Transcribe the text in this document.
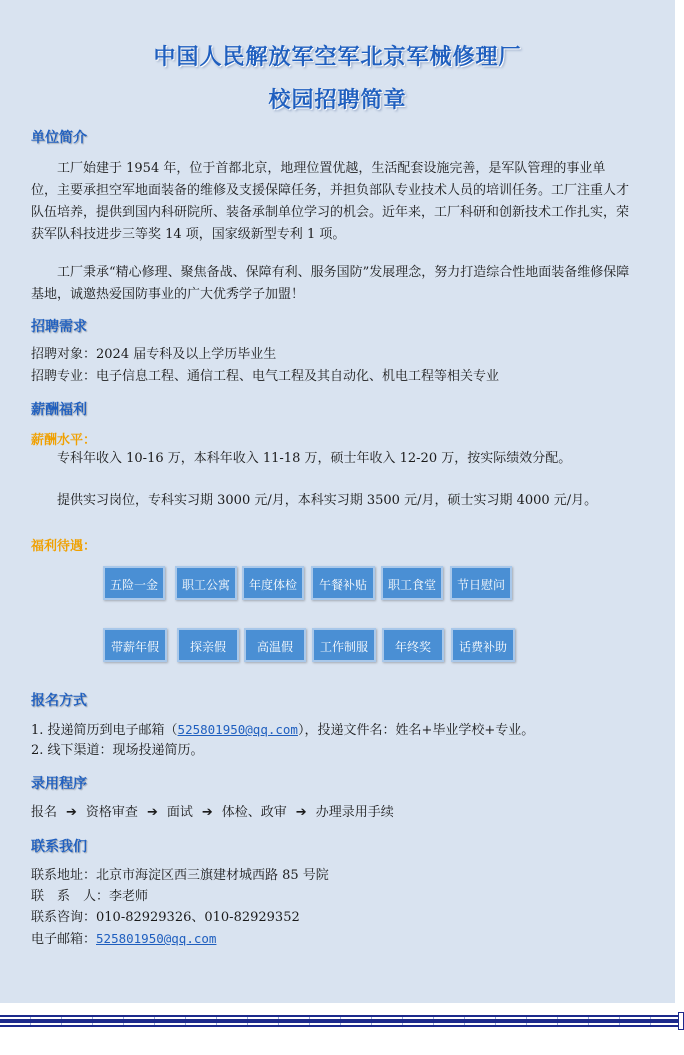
中国人民解放军空军北京军械修理厂
校园招聘简章
单位简介

工厂始建于 1954 年，位于首都北京，地理位置优越，生活配套设施完善，是军队管理的事业单位，主要承担空军地面装备的维修及支援保障任务，并担负部队专业技术人员的培训任务。工厂注重人才队伍培养，提供到国内科研院所、装备承制单位学习的机会。近年来，工厂科研和创新技术工作扎实，荣获军队科技进步三等奖 14 项，国家级新型专利 1 项。

工厂秉承“精心修理、聚焦备战、保障有利、服务国防”发展理念，努力打造综合性地面装备维修保障基地，诚邀热爱国防事业的广大优秀学子加盟！

招聘需求
招聘对象：2024 届专科及以上学历毕业生
招聘专业：电子信息工程、通信工程、电气工程及其自动化、机电工程等相关专业
薪酬福利
薪酬水平：

专科年收入 10-16 万，本科年收入 11-18 万，硕士年收入 12-20 万，按实际绩效分配。

提供实习岗位，专科实习期 3000 元/月，本科实习期 3500 元/月，硕士实习期 4000 元/月。

福利待遇：
五险一金	职工公寓	年度体检	午餐补贴	职工食堂	节日慰问
带薪年假	探亲假	高温假	工作制服	年终奖	话费补助
报名方式
1. 投递简历到电子邮箱（525801950@qq.com），投递文件名：姓名+毕业学校+专业。
2. 线下渠道：现场投递简历。
录用程序
报名 ➔ 资格审查 ➔ 面试 ➔ 体检、政审 ➔ 办理录用手续
联系我们
联系地址：北京市海淀区西三旗建材城西路 85 号院
联　系　人：李老师
联系咨询：010-82929326、010-82929352
电子邮箱：525801950@qq.com
